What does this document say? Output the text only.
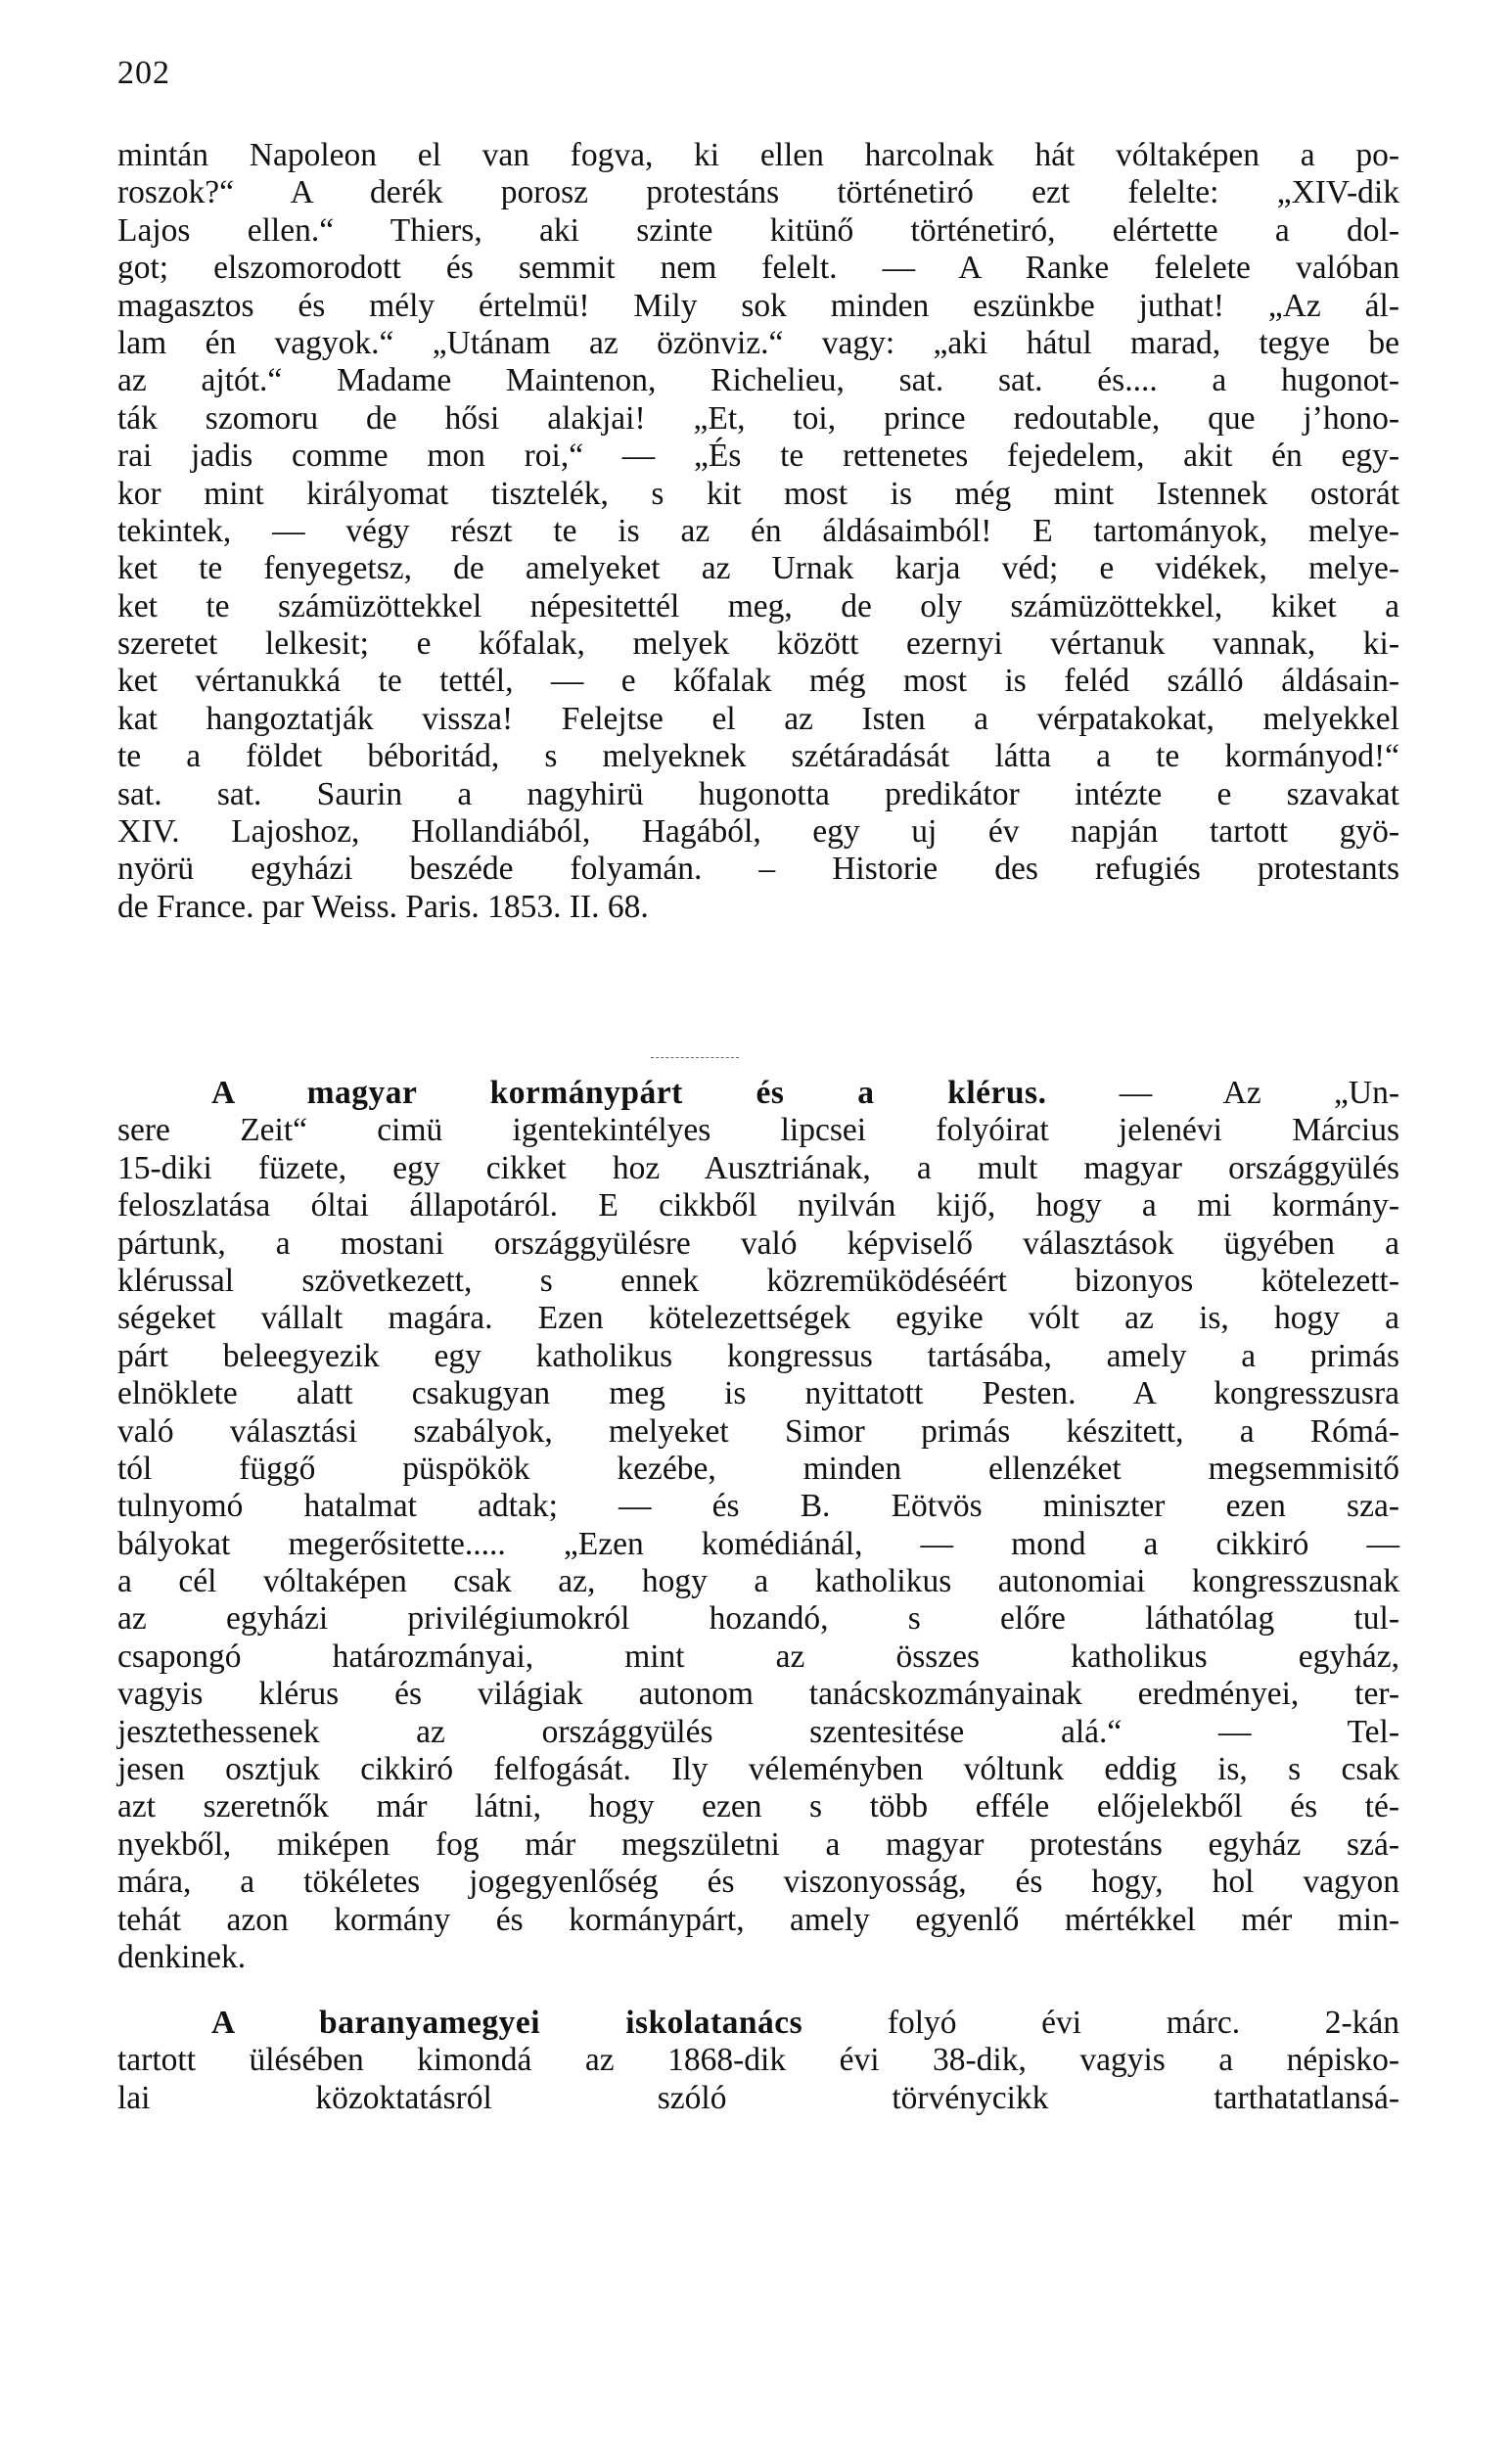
202
mintán Napoleon el van fogva, ki ellen harcolnak hát vóltaképen a po-
roszok?“ A derék porosz protestáns történetiró ezt felelte: „XIV-dik
Lajos ellen.“ Thiers, aki szinte kitünő történetiró, elértette a dol-
got; elszomorodott és semmit nem felelt. — A Ranke felelete valóban
magasztos és mély értelmü! Mily sok minden eszünkbe juthat! „Az ál-
lam én vagyok.“ „Utánam az özönviz.“ vagy: „aki hátul marad, tegye be
az ajtót.“ Madame Maintenon, Richelieu, sat. sat. és.... a hugonot-
ták szomoru de hősi alakjai! „Et, toi, prince redoutable, que j’hono-
rai jadis comme mon roi,“ — „És te rettenetes fejedelem, akit én egy-
kor mint királyomat tisztelék, s kit most is még mint Istennek ostorát
tekintek, — végy részt te is az én áldásaimból! E tartományok, melye-
ket te fenyegetsz, de amelyeket az Urnak karja véd; e vidékek, melye-
ket te számüzöttekkel népesitettél meg, de oly számüzöttekkel, kiket a
szeretet lelkesit; e kőfalak, melyek között ezernyi vértanuk vannak, ki-
ket vértanukká te tettél, — e kőfalak még most is feléd szálló áldásain-
kat hangoztatják vissza! Felejtse el az Isten a vérpatakokat, melyekkel
te a földet béboritád, s melyeknek szétáradását látta a te kormányod!“
sat. sat. Saurin a nagyhirü hugonotta predikátor intézte e szavakat
XIV. Lajoshoz, Hollandiából, Hagából, egy uj év napján tartott gyö-
nyörü egyházi beszéde folyamán. – Historie des refugiés protestants
de France. par Weiss. Paris. 1853. II. 68.
A magyar kormánypárt és a klérus. — Az „Un-
sere Zeit“ cimü igentekintélyes lipcsei folyóirat jelenévi Március
15-diki füzete, egy cikket hoz Ausztriának, a mult magyar országgyülés
feloszlatása óltai állapotáról. E cikkből nyilván kijő, hogy a mi kormány-
pártunk, a mostani országgyülésre való képviselő választások ügyében a
klérussal szövetkezett, s ennek közremüködéséért bizonyos kötelezett-
ségeket vállalt magára. Ezen kötelezettségek egyike vólt az is, hogy a
párt beleegyezik egy katholikus kongressus tartásába, amely a primás
elnöklete alatt csakugyan meg is nyittatott Pesten. A kongresszusra
való választási szabályok, melyeket Simor primás készitett, a Rómá-
tól függő püspökök kezébe, minden ellenzéket megsemmisitő
tulnyomó hatalmat adtak; — és B. Eötvös miniszter ezen sza-
bályokat megerősitette..... „Ezen komédiánál, — mond a cikkiró —
a cél vóltaképen csak az, hogy a katholikus autonomiai kongresszusnak
az egyházi privilégiumokról hozandó, s előre láthatólag tul-
csapongó határozmányai, mint az összes katholikus egyház,
vagyis klérus és világiak autonom tanácskozmányainak eredményei, ter-
jesztethessenek az országgyülés szentesitése alá.“ — Tel-
jesen osztjuk cikkiró felfogását. Ily véleményben vóltunk eddig is, s csak
azt szeretnők már látni, hogy ezen s több efféle előjelekből és té-
nyekből, miképen fog már megszületni a magyar protestáns egyház szá-
mára, a tökéletes jogegyenlőség és viszonyosság, és hogy, hol vagyon
tehát azon kormány és kormánypárt, amely egyenlő mértékkel mér min-
denkinek.
A baranyamegyei iskolatanács folyó évi márc. 2-kán
tartott ülésében kimondá az 1868-dik évi 38-dik, vagyis a népisko-
lai közoktatásról szóló törvénycikk tarthatatlansá-
